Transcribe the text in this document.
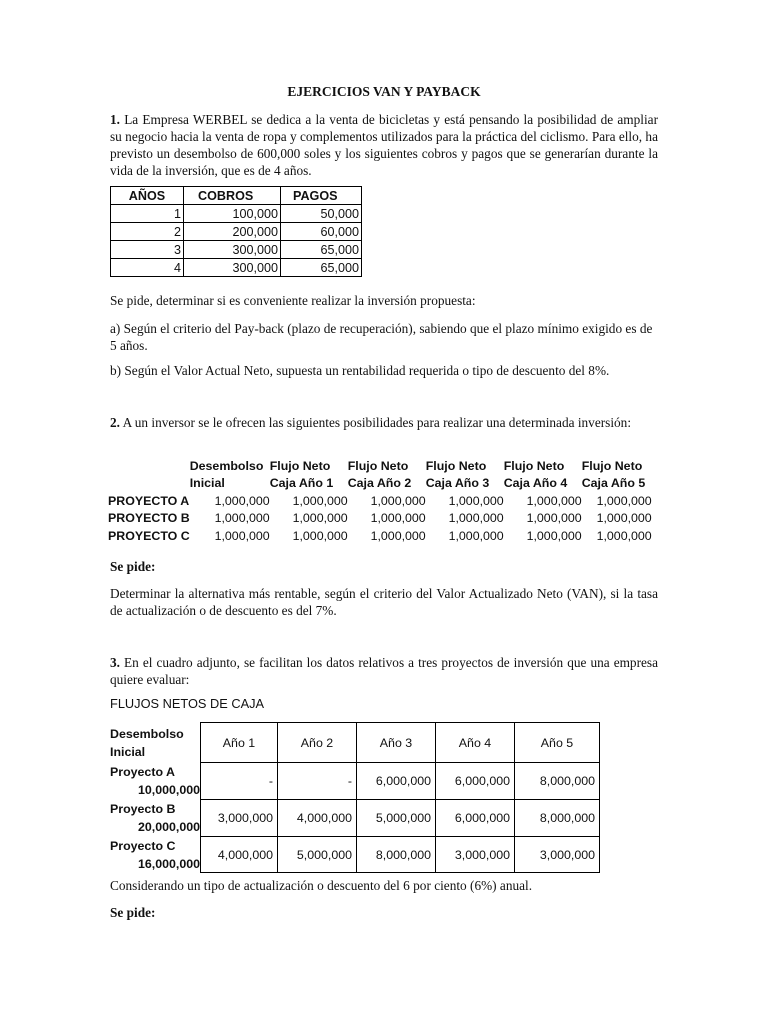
EJERCICIOS VAN Y PAYBACK
1. La Empresa WERBEL se dedica a la venta de bicicletas y está pensando la posibilidad de ampliar su negocio hacia la venta de ropa y complementos utilizados para la práctica del ciclismo. Para ello, ha previsto un desembolso de 600,000 soles y los siguientes cobros y pagos que se generarían durante la vida de la inversión, que es de 4 años.
AÑOS	COBROS	PAGOS
1	100,000	50,000
2	200,000	60,000
3	300,000	65,000
4	300,000	65,000
Se pide, determinar si es conveniente realizar la inversión propuesta:
a) Según el criterio del Pay-back (plazo de recuperación), sabiendo que el plazo mínimo exigido es de 5 años.
b) Según el Valor Actual Neto, supuesta un rentabilidad requerida o tipo de descuento del 8%.
2. A un inversor se le ofrecen las siguientes posibilidades para realizar una determinada inversión:
	Desembolso	Flujo Neto	Flujo Neto	Flujo Neto	Flujo Neto	Flujo Neto
	Inicial	Caja Año 1	Caja Año 2	Caja Año 3	Caja Año 4	Caja Año 5
PROYECTO A	1,000,000	1,000,000	1,000,000	1,000,000	1,000,000	1,000,000
PROYECTO B	1,000,000	1,000,000	1,000,000	1,000,000	1,000,000	1,000,000
PROYECTO C	1,000,000	1,000,000	1,000,000	1,000,000	1,000,000	1,000,000
Se pide:
Determinar la alternativa más rentable, según el criterio del Valor Actualizado Neto (VAN), si la tasa de actualización o de descuento es del 7%.
3. En el cuadro adjunto, se facilitan los datos relativos a tres proyectos de inversión que una empresa quiere evaluar:
FLUJOS NETOS DE CAJA
Desembolso
Inicial	Año 1	Año 2	Año 3	Año 4	Año 5

Proyecto A
10,000,000	-	-	6,000,000	6,000,000	8,000,000

Proyecto B
20,000,000	3,000,000	4,000,000	5,000,000	6,000,000	8,000,000

Proyecto C
16,000,000	4,000,000	5,000,000	8,000,000	3,000,000	3,000,000
Considerando un tipo de actualización o descuento del 6 por ciento (6%) anual.
Se pide:
